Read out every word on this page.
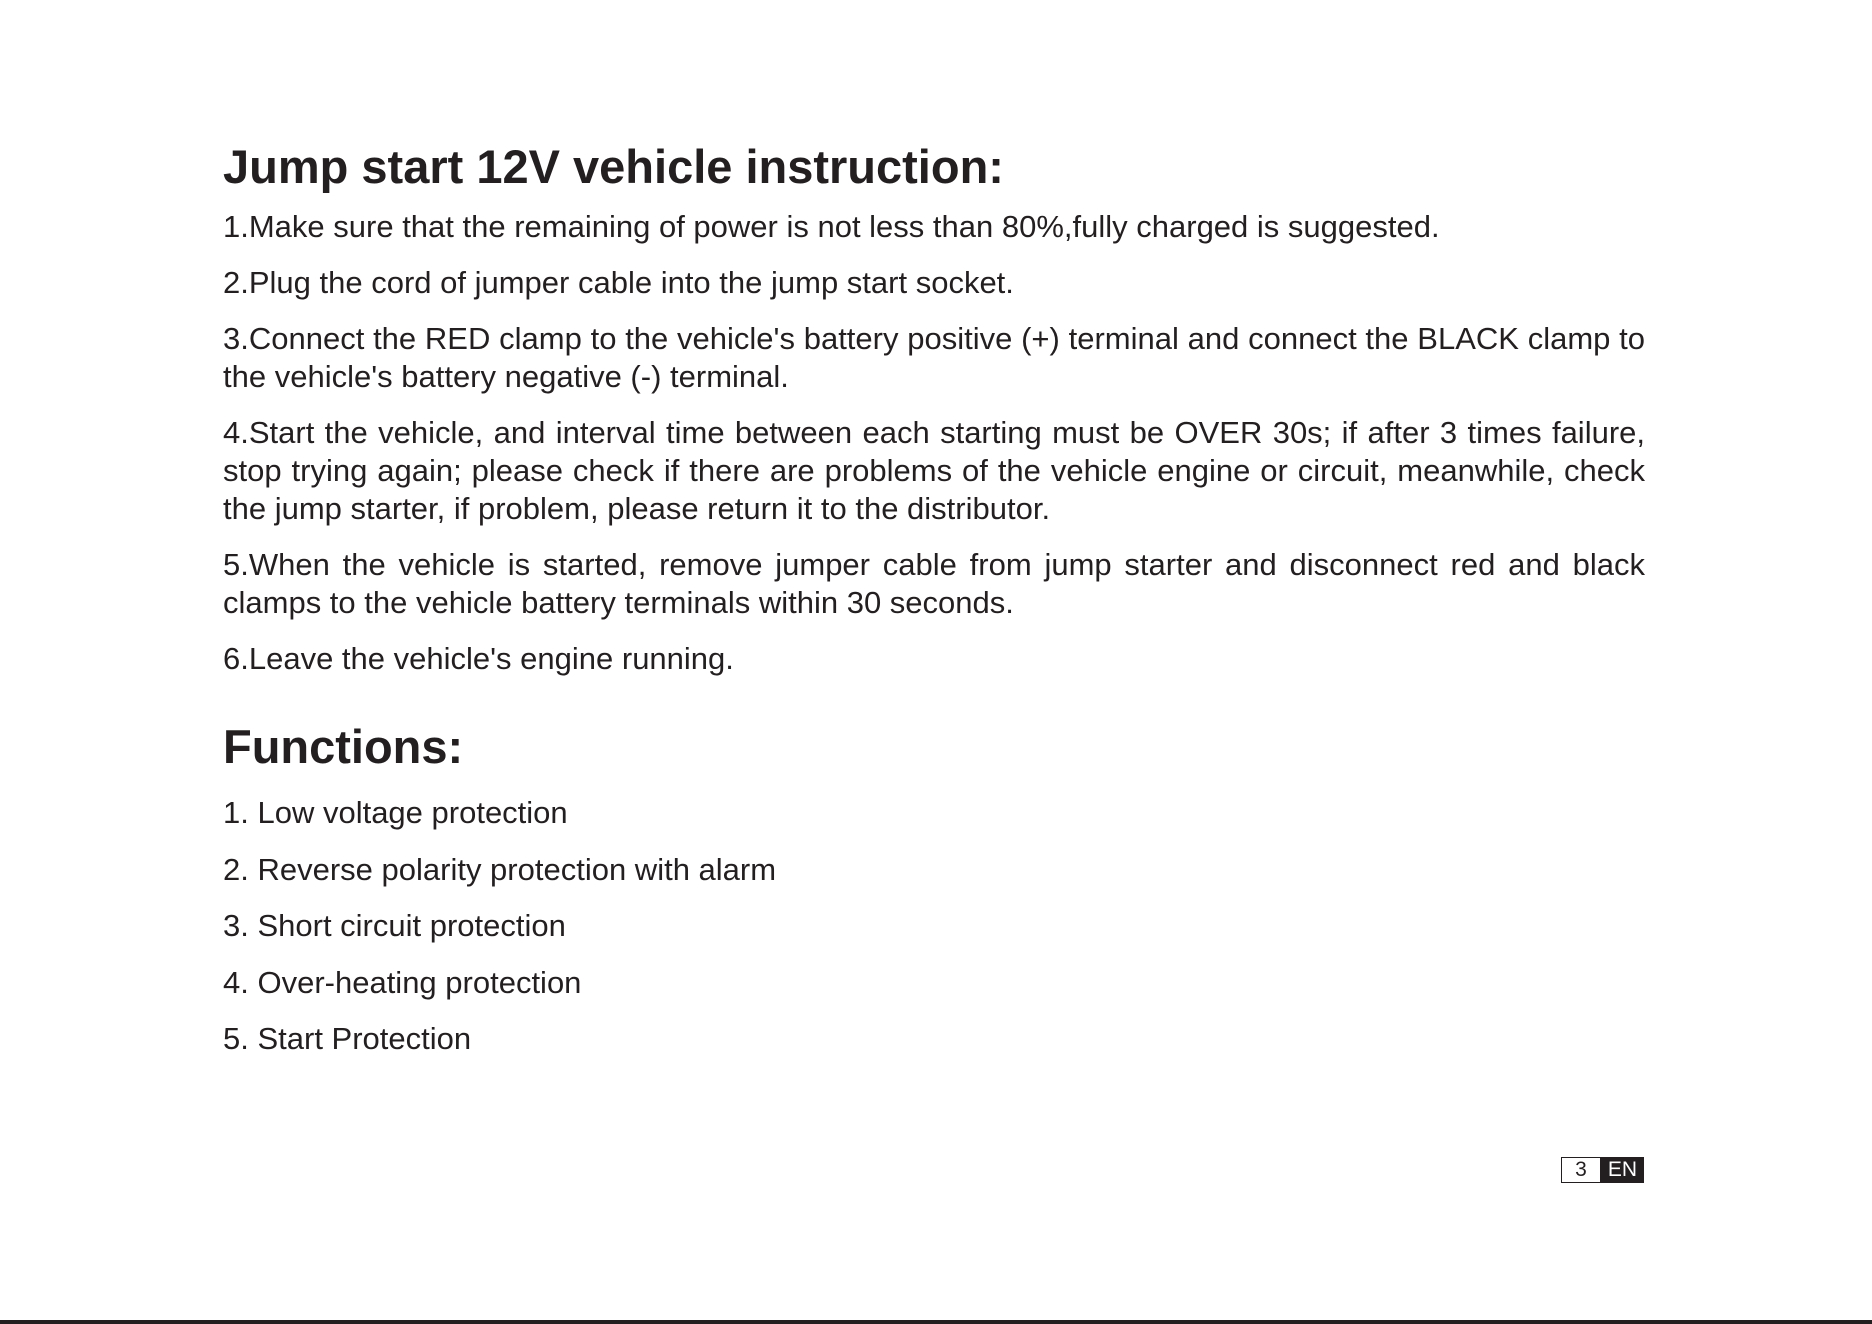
Jump start 12V vehicle instruction:
1.Make sure that the remaining of power is not less than 80%,fully charged is suggested.
2.Plug the cord of jumper cable into the jump start socket.
3.Connect the RED clamp to the vehicle's battery positive (+) terminal and connect the BLACK clamp to the vehicle's battery negative (-) terminal.
4.Start the vehicle, and interval time between each starting must be OVER 30s; if after 3 times failure, stop trying again; please check if there are problems of the vehicle engine or circuit, meanwhile, check the jump starter, if problem, please return it to the distributor.
5.When the vehicle is started, remove jumper cable from jump starter and disconnect red and black clamps to the vehicle battery terminals within 30 seconds.
6.Leave the vehicle's engine running.
Functions:
1. Low voltage protection
2. Reverse polarity protection with alarm
3. Short circuit protection
4. Over-heating protection
5. Start Protection
3	EN
